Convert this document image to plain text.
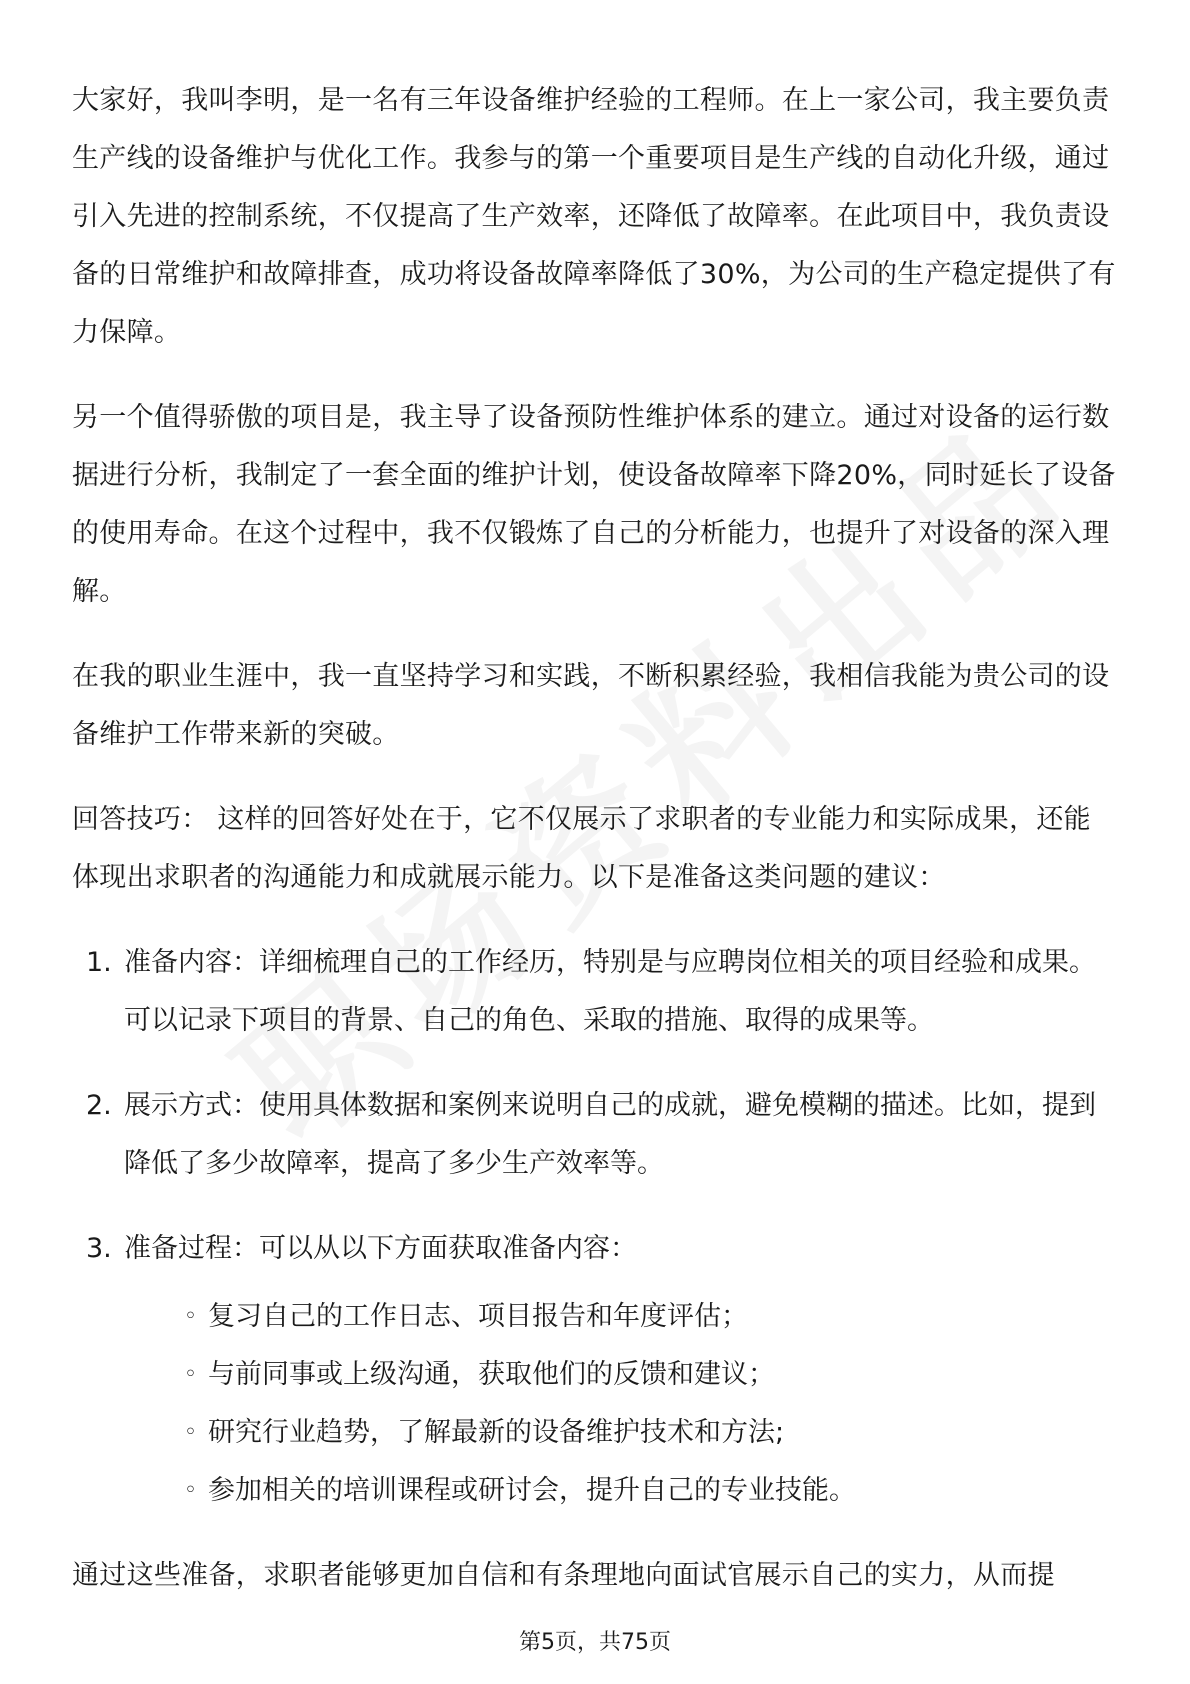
大家好，我叫李明，是一名有三年设备维护经验的工程师。在上一家公司，我主要负责生产线的设备维护与优化工作。我参与的第一个重要项目是生产线的自动化升级，通过引入先进的控制系统，不仅提高了生产效率，还降低了故障率。在此项目中，我负责设备的日常维护和故障排查，成功将设备故障率降低了30%，为公司的生产稳定提供了有力保障。

另一个值得骄傲的项目是，我主导了设备预防性维护体系的建立。通过对设备的运行数据进行分析，我制定了一套全面的维护计划，使设备故障率下降20%，同时延长了设备的使用寿命。在这个过程中，我不仅锻炼了自己的分析能力，也提升了对设备的深入理解。

在我的职业生涯中，我一直坚持学习和实践，不断积累经验，我相信我能为贵公司的设备维护工作带来新的突破。

回答技巧： 这样的回答好处在于，它不仅展示了求职者的专业能力和实际成果，还能体现出求职者的沟通能力和成就展示能力。以下是准备这类问题的建议：

1. 准备内容：详细梳理自己的工作经历，特别是与应聘岗位相关的项目经验和成果。可以记录下项目的背景、自己的角色、采取的措施、取得的成果等。
2. 展示方式：使用具体数据和案例来说明自己的成就，避免模糊的描述。比如，提到降低了多少故障率，提高了多少生产效率等。
3. 准备过程：可以从以下方面获取准备内容：
◦ 复习自己的工作日志、项目报告和年度评估；
◦ 与前同事或上级沟通，获取他们的反馈和建议；
◦ 研究行业趋势，了解最新的设备维护技术和方法;
◦ 参加相关的培训课程或研讨会，提升自己的专业技能。

通过这些准备，求职者能够更加自信和有条理地向面试官展示自己的实力，从而提

第5页，共75页
